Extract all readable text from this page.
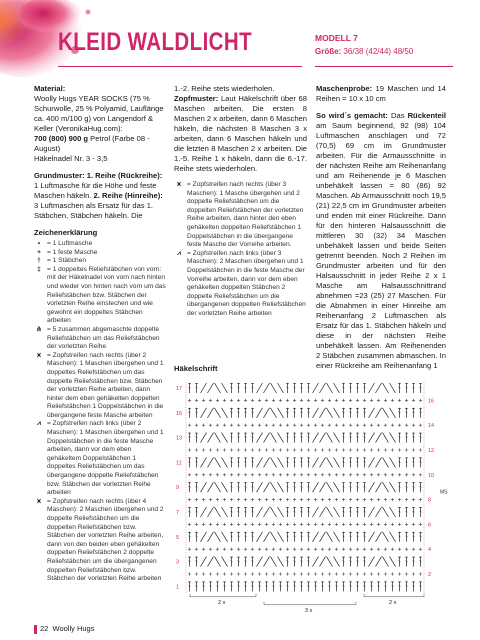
KLEID WALDLICHT	MODELL 7
Größe: 36/38 (42/44) 48/50

Material:
Woolly Hugs YEAR SOCKS (75 % Schurwolle, 25 % Polyamid, Lauflänge ca. 400 m/100 g) von Langendorf & Keller (VeronikaHug.com):
700 (800) 900 g Petrol (Farbe 08 - August)
Häkelnadel Nr. 3 - 3,5

Grundmuster: 1. Reihe (Rückreihe): 1 Luftmasche für die Höhe und feste Maschen häkeln. 2. Reihe (Hinreihe): 3 Luftmaschen als Ersatz für das 1. Stäbchen, Stäbchen häkeln. Die

Zeichenerklärung

•	= 1 Luftmasche
+ = 1 feste Masche
† = 1 Stäbchen
‡ = 1 doppeltes Reliefstäbchen von vorn: mit der Häkelnadel von vorn nach hinten und wieder von hinten nach vorn um das Reliefstäbchen bzw. Stäbchen der vorletzten Reihe einstechen und wie gewohnt ein doppeltes Stäbchen arbeiten
⋔ = 5 zusammen abgemaschte doppelte Reliefstäbchen um das Reliefstäbchen der vorletzten Reihe
⩙ = Zopfstreifen nach rechts (über 2 Maschen): 1 Maschen übergehen und 1 doppeltes Reliefstäbchen um das doppelte Reliefstäbchen bzw. Stäbchen der vorletzten Reihe arbeiten, dann hinter dem eben gehäkelten doppelten Reliefstäbchen 1 Doppelstäbchen in die übergangene feste Masche arbeiten
⩘ = Zopfstreifen nach links (über 2 Maschen): 1 Maschen übergehen und 1 Doppelstäbchen in die feste Masche arbeiten, dann vor dem eben gehäkeltem Doppelstäbchen 1 doppeltes Reliefstäbchen um das übergangene doppelte Reliefstäbchen bzw. Stäbchen der vorletzten Reihe arbeiten
⩙ = Zopfstreifen nach rechts (über 4 Maschen): 2 Maschen übergehen und 2 doppelte Reliefstäbchen um die doppelten Reliefstäbchen bzw. Stäbchen der vorletzten Reihe arbeiten, dann von den beiden eben gehäkelten doppelten Reliefstäbchen 2 doppelte Reliefstäbchen um die übergangenen doppelten Reliefstäbchen bzw. Stäbchen der vorletzten Reihe arbeiten

1.-2. Reihe stets wiederholen.
Zopfmuster: Laut Häkelschrift über 68 Maschen arbeiten. Die ersten 8 Maschen 2 x arbeiten, dann 6 Maschen häkeln, die nächsten 8 Maschen 3 x arbeiten, dann 6 Maschen häkeln und die letzten 8 Maschen 2 x arbeiten. Die 1.-5. Reihe 1 x häkeln, dann die 6.-17. Reihe stets wiederholen.

⩙ = Zopfstreifen nach rechts (über 3 Maschen): 1 Masche übergehen und 2 doppelte Reliefstäbchen um die doppelten Reliefstäbchen der vorletzten Reihe arbeiten, dann hinter den eben gehäkelten doppelten Reliefstäbchen 1 Doppelstäbchen in die übergangene feste Masche der Vorreihe arbeiten.
⩘ = Zopfstreifen nach links (über 3 Maschen): 2 Maschen übergehen und 1 Doppelstäbchen in die feste Masche der Vorreihe arbeiten, dann vor dem eben gehäkelten doppelten Stäbchen 2 doppelte Reliefstäbchen um die übergangenen doppelten Reliefstäbchen der vorletzten Reihe arbeiten
Häkelschrift

Maschenprobe: 19 Maschen und 14 Reihen = 10 x 10 cm

So wird´s gemacht: Das Rückenteil am Saum beginnend, 92 (98) 104 Luftmaschen anschlagen und 72 (70,5) 69 cm im Grundmuster arbeiten. Für die Armausschnitte in der nächsten Reihe am Reihenanfang und am Reihenende je 6 Maschen unbehäkelt lassen = 80 (86) 92 Maschen. Ab Armausschnitt noch 19,5 (21) 22,5 cm im Grundmuster arbeiten und enden mit einer Rückreihe. Dann für den hinteren Halsausschnitt die mittleren 30 (32) 34 Maschen unbehäkelt lassen und beide Seiten getrennt beenden. Noch 2 Reihen im Grundmuster arbeiten und für den Halsausschnitt in jeder Reihe 2 x 1 Masche am Halsausschnittrand abnehmen =23 (25) 27 Maschen. Für die Abnahmen in einer Hinreihe am Reihenanfang 2 Luftmaschen als Ersatz für das 1. Stäbchen häkeln und diese in der nächsten Reihe unbehäkelt lassen. Am Reihenenden 2 Stäbchen zusammen abmaschen. In einer Rückreihe am Reihenanfang 1

17
15
13
11
9
7
5
3
1
16
14
12
10
8
6
4
2
MS
2 x
3 x
2 x
22 Woolly Hugs
